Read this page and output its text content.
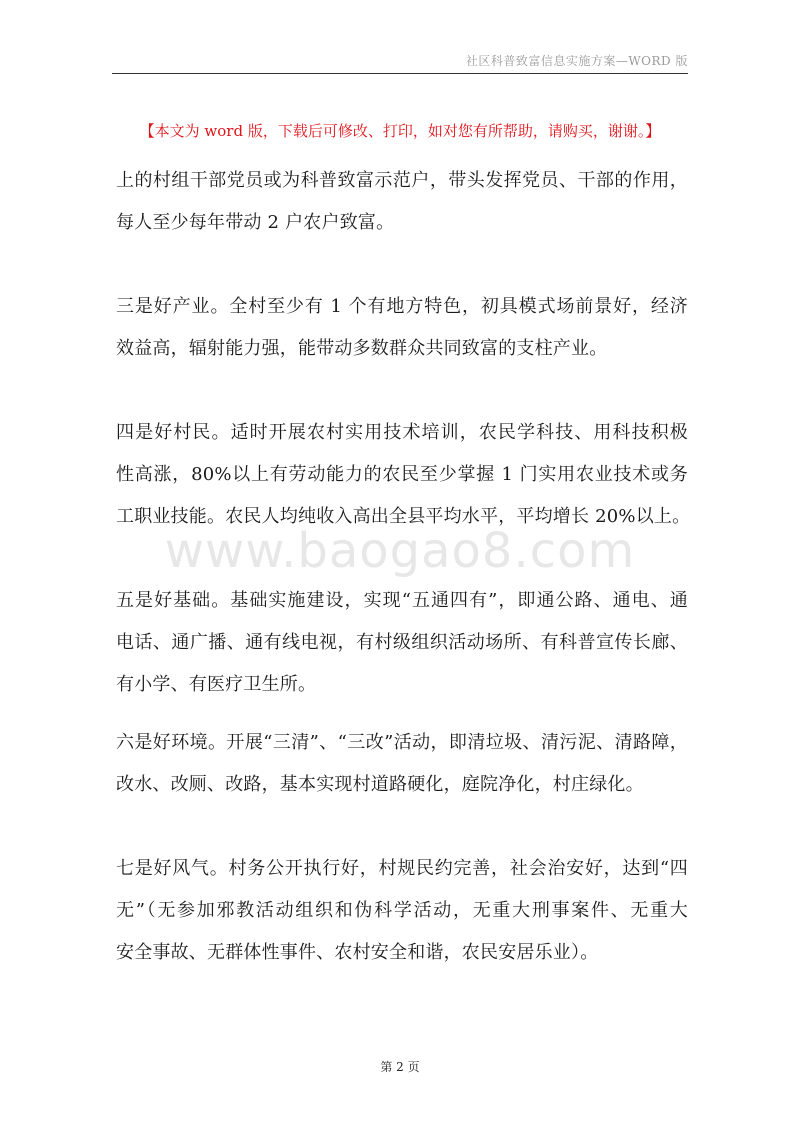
社区科普致富信息实施方案—WORD 版
【本文为 word 版，下载后可修改、打印，如对您有所帮助，请购买，谢谢。】

上的村组干部党员或为科普致富示范户，带头发挥党员、干部的作用，
每人至少每年带动 2 户农户致富。

三是好产业。全村至少有 1 个有地方特色，初具模式场前景好，经济
效益高，辐射能力强，能带动多数群众共同致富的支柱产业。

四是好村民。适时开展农村实用技术培训，农民学科技、用科技积极
性高涨，80%以上有劳动能力的农民至少掌握 1 门实用农业技术或务
工职业技能。农民人均纯收入高出全县平均水平，平均增长 20%以上。

五是好基础。基础实施建设，实现“五通四有”，即通公路、通电、通
电话、通广播、通有线电视，有村级组织活动场所、有科普宣传长廊、
有小学、有医疗卫生所。

六是好环境。开展“三清”、“三改”活动，即清垃圾、清污泥、清路障，
改水、改厕、改路，基本实现村道路硬化，庭院净化，村庄绿化。

七是好风气。村务公开执行好，村规民约完善，社会治安好，达到“四
无”（无参加邪教活动组织和伪科学活动，无重大刑事案件、无重大
安全事故、无群体性事件、农村安全和谐，农民安居乐业）。

www.baogao8.com
第 2 页
